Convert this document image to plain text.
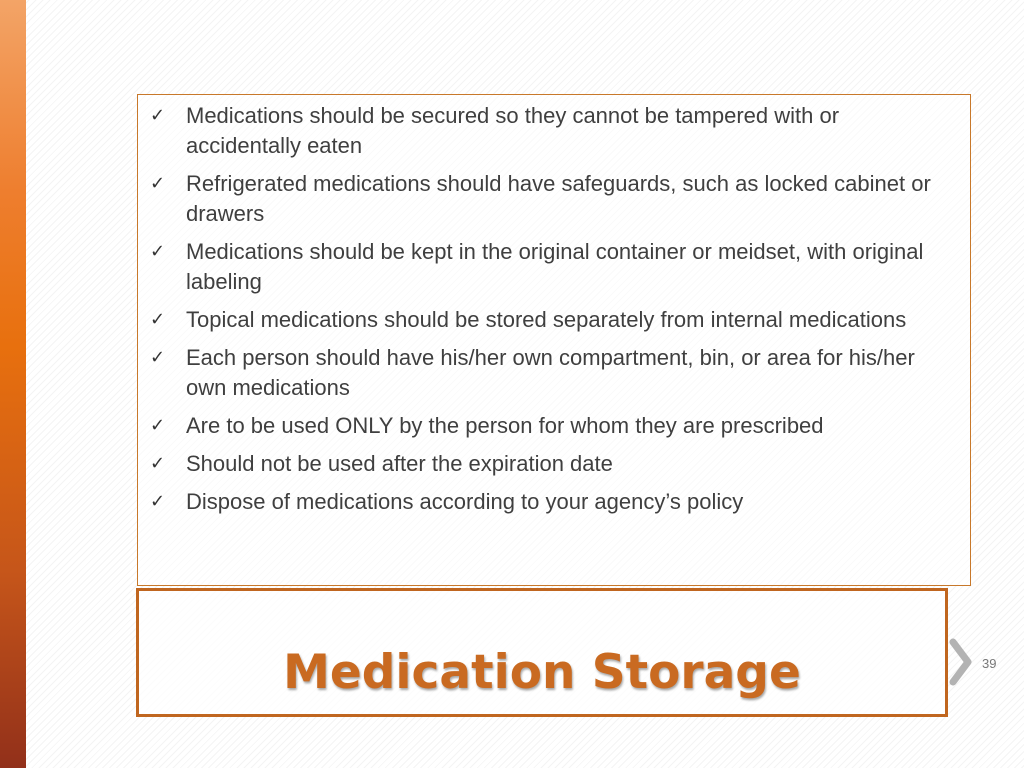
✓ Medications should be secured so they cannot be tampered with or accidentally eaten
✓ Refrigerated medications should have safeguards, such as locked cabinet or drawers
✓ Medications should be kept in the original container or meidset, with original labeling
✓ Topical medications should be stored separately from internal medications
✓ Each person should have his/her own compartment, bin, or area for his/her own medications
✓ Are to be used ONLY by the person for whom they are prescribed
✓ Should not be used after the expiration date
✓ Dispose of medications according to your agency’s policy
Medication Storage	39
